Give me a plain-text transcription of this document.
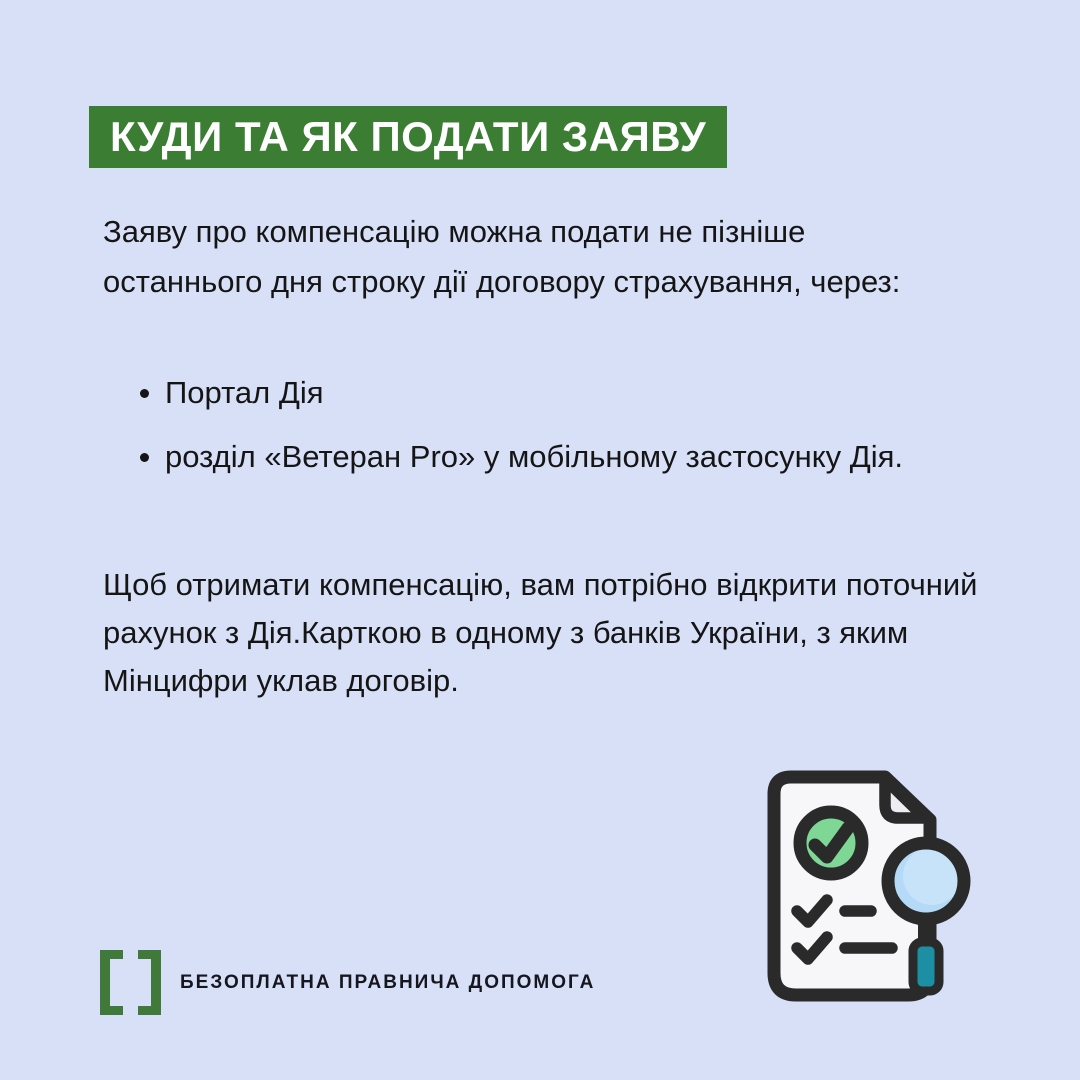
КУДИ ТА ЯК ПОДАТИ ЗАЯВУ

Заяву про компенсацію можна подати не пізніше останнього дня строку дії договору страхування, через:

Портал Дія
розділ «Ветеран Pro» у мобільному застосунку Дія.

Щоб отримати компенсацію, вам потрібно відкрити поточний рахунок з Дія.Карткою в одному з банків України, з яким Мінцифри уклав договір.

БЕЗОПЛАТНА ПРАВНИЧА ДОПОМОГА
